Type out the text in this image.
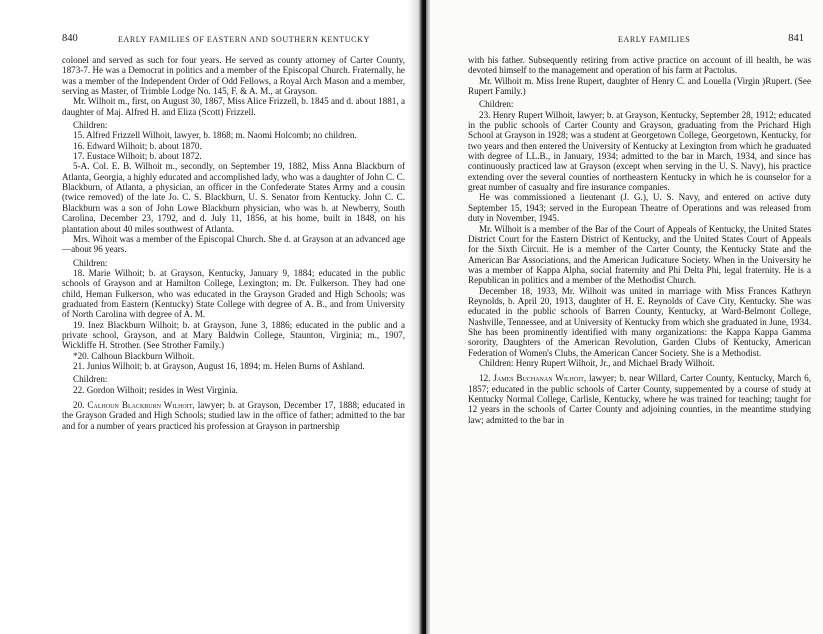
840	EARLY FAMILIES OF EASTERN AND SOUTHERN KENTUCKY

colonel and served as such for four years. He served as county attorney of Carter County, 1873-7. He was a Democrat in politics and a member of the Episcopal Church. Fraternally, he was a member of the Independent Order of Odd Fellows, a Royal Arch Mason and a member, serving as Master, of Trimble Lodge No. 145, F. & A. M., at Grayson.

Mr. Wilhoit m., first, on August 30, 1867, Miss Alice Frizzell, b. 1845 and d. about 1881, a daughter of Maj. Alfred H. and Eliza (Scott) Frizzell.

Children:

15. Alfred Frizzell Wilhoit, lawyer, b. 1868; m. Naomi Holcomb; no children.

16. Edward Wilhoit; b. about 1870.

17. Eustace Wilhoit; b. about 1872.

5-A. Col. E. B. Wilhoit m., secondly, on September 19, 1882, Miss Anna Blackburn of Atlanta, Georgia, a highly educated and accomplished lady, who was a daughter of John C. C. Blackburn, of Atlanta, a physician, an officer in the Confederate States Army and a cousin (twice removed) of the late Jo. C. S. Blackburn, U. S. Senator from Kentucky. John C. C. Blackburn was a son of John Lowe Blackburn physician, who was b. at Newberry, South Carolina, December 23, 1792, and d. July 11, 1856, at his home, built in 1848, on his plantation about 40 miles southwest of Atlanta.

Mrs. Wihoit was a member of the Episcopal Church. She d. at Grayson at an advanced age—about 96 years.

Children:

18. Marie Wilhoit; b. at Grayson, Kentucky, January 9, 1884; educated in the public schools of Grayson and at Hamilton College, Lexington; m. Dr. Fulkerson. They had one child, Heman Fulkerson, who was educated in the Grayson Graded and High Schools; was graduated from Eastern (Kentucky) State College with degree of A. B., and from University of North Carolina with degree of A. M.

19. Inez Blackburn Wilhoit; b. at Grayson, June 3, 1886; educated in the public and a private school, Grayson, and at Mary Baldwin College, Staunton, Virginia; m., 1907, Wickliffe H. Strother. (See Strother Family.)

*20. Calhoun Blackburn Wilhoit.

21. Junius Wilhoit; b. at Grayson, August 16, 1894; m. Helen Burns of Ashland.

Children:

22. Gordon Wilhoit; resides in West Virginia.

20. Calhoun Blackburn Wilhoit, lawyer; b. at Grayson, December 17, 1888; educated in the Grayson Graded and High Schools; studied law in the office of father; admitted to the bar and for a number of years practiced his profession at Grayson in partnership

EARLY FAMILIES	841

with his father. Subsequently retiring from active practice on account of ill health, he was devoted himself to the management and operation of his farm at Pactolus.

Mr. Wilhoit m. Miss Irene Rupert, daughter of Henry C. and Louella (Virgin )Rupert. (See Rupert Family.)

Children:

23. Henry Rupert Wilhoit, lawyer; b. at Grayson, Kentucky, September 28, 1912; educated in the public schools of Carter County and Grayson, graduating from the Prichard High School at Grayson in 1928; was a student at Georgetown College, Georgetown, Kentucky, for two years and then entered the University of Kentucky at Lexington from which he graduated with degree of LL.B., in January, 1934; admitted to the bar in March, 1934, and since has continuously practiced law at Grayson (except when serving in the U. S. Navy), his practice extending over the several counties of northeastern Kentucky in which he is counselor for a great number of casualty and fire insurance companies.

He was commissioned a lieutenant (J. G.), U. S. Navy, and entered on active duty September 15, 1943; served in the European Theatre of Operations and was released from duty in November, 1945.

Mr. Wilhoit is a member of the Bar of the Court of Appeals of Kentucky, the United States District Court for the Eastern District of Kentucky, and the United States Court of Appeals for the Sixth Circuit. He is a member of the Carter County, the Kentucky State and the American Bar Associations, and the American Judicature Society. When in the University he was a member of Kappa Alpha, social fraternity and Phi Delta Phi, legal fraternity. He is a Republican in politics and a member of the Methodist Church.

December 18, 1933, Mr. Wilhoit was united in marriage with Miss Frances Kathryn Reynolds, b. April 20, 1913, daughter of H. E. Reynolds of Cave City, Kentucky. She was educated in the public schools of Barren County, Kentucky, at Ward-Belmont College, Nashville, Tennessee, and at University of Kentucky from which she graduated in June, 1934. She has been prominently identified with many organizations: the Kappa Kappa Gamma sorority, Daughters of the American Revolution, Garden Clubs of Kentucky, American Federation of Women's Clubs, the American Cancer Society. She is a Methodist.

Children: Henry Rupert Wilhoit, Jr., and Michael Brady Wilhoit.

12. James Buchanan Wilhoit, lawyer; b. near Willard, Carter County, Kentucky, March 6, 1857; educated in the public schools of Carter County, suppemented by a course of study at Kentucky Normal College, Carlisle, Kentucky, where he was trained for teaching; taught for 12 years in the schools of Carter County and adjoining counties, in the meantime studying law; admitted to the bar in
